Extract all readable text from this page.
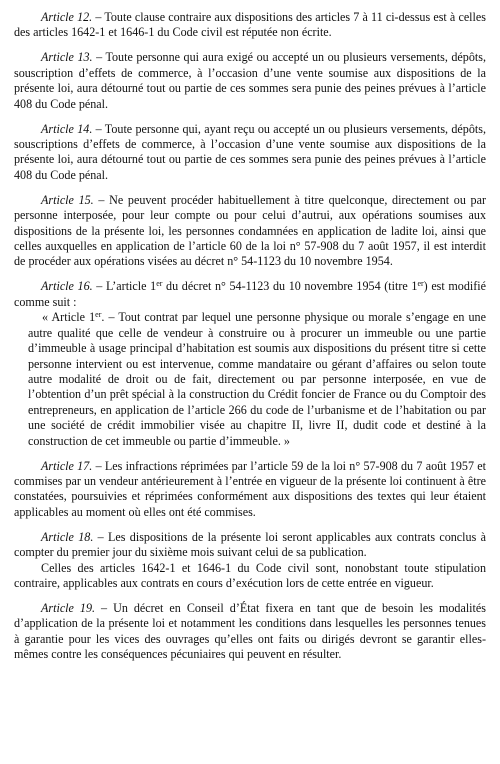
Article 12. – Toute clause contraire aux dispositions des articles 7 à 11 ci-dessus est à celles des articles 1642-1 et 1646-1 du Code civil est réputée non écrite.

Article 13. – Toute personne qui aura exigé ou accepté un ou plusieurs versements, dépôts, souscription d’effets de commerce, à l’occasion d’une vente soumise aux dispositions de la présente loi, aura détourné tout ou partie de ces sommes sera punie des peines prévues à l’article 408 du Code pénal.

Article 14. – Toute personne qui, ayant reçu ou accepté un ou plusieurs versements, dépôts, souscriptions d’effets de commerce, à l’occasion d’une vente soumise aux dispositions de la présente loi, aura détourné tout ou partie de ces sommes sera punie des peines prévues à l’article 408 du Code pénal.

Article 15. – Ne peuvent procéder habituellement à titre quelconque, directement ou par personne interposée, pour leur compte ou pour celui d’autrui, aux opérations soumises aux dispositions de la présente loi, les personnes condamnées en application de ladite loi, ainsi que celles auxquelles en application de l’article 60 de la loi n° 57-908 du 7 août 1957, il est interdit de procéder aux opérations visées au décret n° 54-1123 du 10 novembre 1954.

Article 16. – L’article 1er du décret n° 54-1123 du 10 novembre 1954 (titre 1er) est modifié comme suit :

« Article 1er. – Tout contrat par lequel une personne physique ou morale s’engage en une autre qualité que celle de vendeur à construire ou à procurer un immeuble ou une partie d’immeuble à usage principal d’habitation est soumis aux dispositions du présent titre si cette personne intervient ou est intervenue, comme mandataire ou gérant d’affaires ou selon toute autre modalité de droit ou de fait, directement ou par personne interposée, en vue de l’obtention d’un prêt spécial à la construction du Crédit foncier de France ou du Comptoir des entrepreneurs, en application de l’article 266 du code de l’urbanisme et de l’habitation ou par une société de crédit immobilier visée au chapitre II, livre II, dudit code et destiné à la construction de cet immeuble ou partie d’immeuble. »

Article 17. – Les infractions réprimées par l’article 59 de la loi n° 57-908 du 7 août 1957 et commises par un vendeur antérieurement à l’entrée en vigueur de la présente loi continuent à être constatées, poursuivies et réprimées conformément aux dispositions des textes qui leur étaient applicables au moment où elles ont été commises.

Article 18. – Les dispositions de la présente loi seront applicables aux contrats conclus à compter du premier jour du sixième mois suivant celui de sa publication.

Celles des articles 1642-1 et 1646-1 du Code civil sont, nonobstant toute stipulation contraire, applicables aux contrats en cours d’exécution lors de cette entrée en vigueur.

Article 19. – Un décret en Conseil d’État fixera en tant que de besoin les modalités d’application de la présente loi et notamment les conditions dans lesquelles les personnes tenues à garantie pour les vices des ouvrages qu’elles ont faits ou dirigés devront se garantir elles-mêmes contre les conséquences pécuniaires qui peuvent en résulter.
